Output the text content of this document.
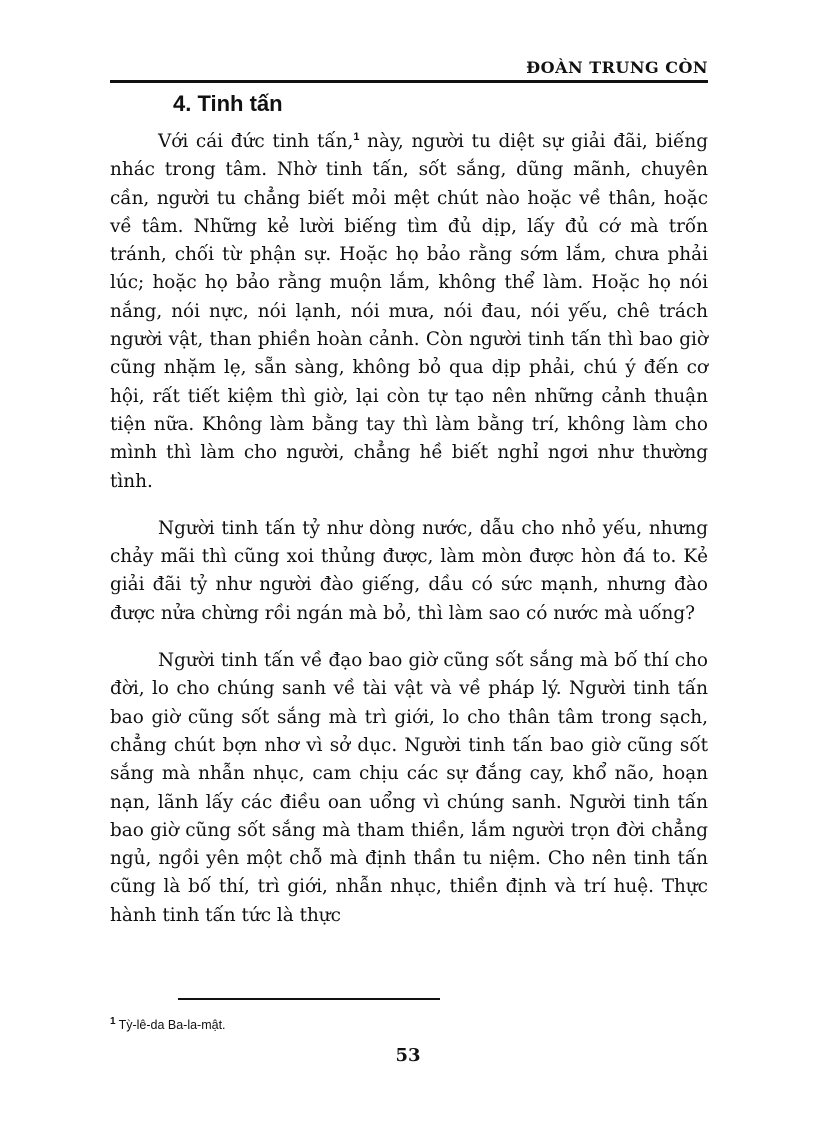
ĐOÀN TRUNG CÒN
4. Tinh tấn

Với cái đức tinh tấn,$^1$ này, người tu diệt sự giải đãi, biếng nhác trong tâm. Nhờ tinh tấn, sốt sắng, dũng mãnh, chuyên cần, người tu chẳng biết mỏi mệt chút nào hoặc về thân, hoặc về tâm. Những kẻ lười biếng tìm đủ dịp, lấy đủ cớ mà trốn tránh, chối từ phận sự. Hoặc họ bảo rằng sớm lắm, chưa phải lúc; hoặc họ bảo rằng muộn lắm, không thể làm. Hoặc họ nói nắng, nói nực, nói lạnh, nói mưa, nói đau, nói yếu, chê trách người vật, than phiền hoàn cảnh. Còn người tinh tấn thì bao giờ cũng nhặm lẹ, sẵn sàng, không bỏ qua dịp phải, chú ý đến cơ hội, rất tiết kiệm thì giờ, lại còn tự tạo nên những cảnh thuận tiện nữa. Không làm bằng tay thì làm bằng trí, không làm cho mình thì làm cho người, chẳng hề biết nghỉ ngơi như thường tình.

Người tinh tấn tỷ như dòng nước, dẫu cho nhỏ yếu, nhưng chảy mãi thì cũng xoi thủng được, làm mòn được hòn đá to. Kẻ giải đãi tỷ như người đào giếng, dầu có sức mạnh, nhưng đào được nửa chừng rồi ngán mà bỏ, thì làm sao có nước mà uống?

Người tinh tấn về đạo bao giờ cũng sốt sắng mà bố thí cho đời, lo cho chúng sanh về tài vật và về pháp lý. Người tinh tấn bao giờ cũng sốt sắng mà trì giới, lo cho thân tâm trong sạch, chẳng chút bợn nhơ vì sở dục. Người tinh tấn bao giờ cũng sốt sắng mà nhẫn nhục, cam chịu các sự đắng cay, khổ não, hoạn nạn, lãnh lấy các điều oan uổng vì chúng sanh. Người tinh tấn bao giờ cũng sốt sắng mà tham thiền, lắm người trọn đời chẳng ngủ, ngồi yên một chỗ mà định thần tu niệm. Cho nên tinh tấn cũng là bố thí, trì giới, nhẫn nhục, thiền định và trí huệ. Thực hành tinh tấn tức là thực

$^1$ Tỳ-lê-da Ba-la-mật.
53
